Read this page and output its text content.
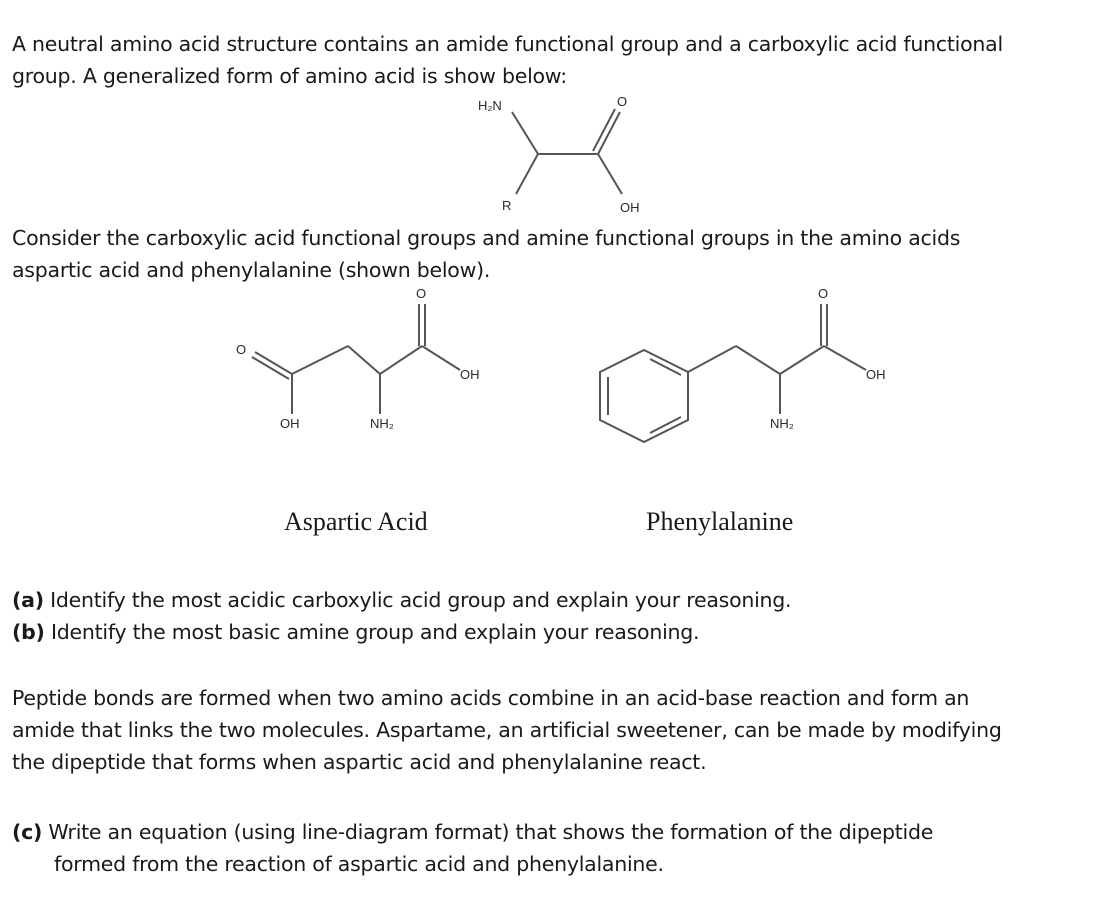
A neutral amino acid structure contains an amide functional group and a carboxylic acid functional
group. A generalized form of amino acid is show below:

H₂N	O
R	OH

Consider the carboxylic acid functional groups and amine functional groups in the amino acids
aspartic acid and phenylalanine (shown below).

O
O
OH
OH	NH₂
O
OH
NH₂
Aspartic Acid	Phenylalanine

(a) Identify the most acidic carboxylic acid group and explain your reasoning.

(b) Identify the most basic amine group and explain your reasoning.

Peptide bonds are formed when two amino acids combine in an acid-base reaction and form an
amide that links the two molecules. Aspartame, an artificial sweetener, can be made by modifying
the dipeptide that forms when aspartic acid and phenylalanine react.

(c) Write an equation (using line-diagram format) that shows the formation of the dipeptide
formed from the reaction of aspartic acid and phenylalanine.
